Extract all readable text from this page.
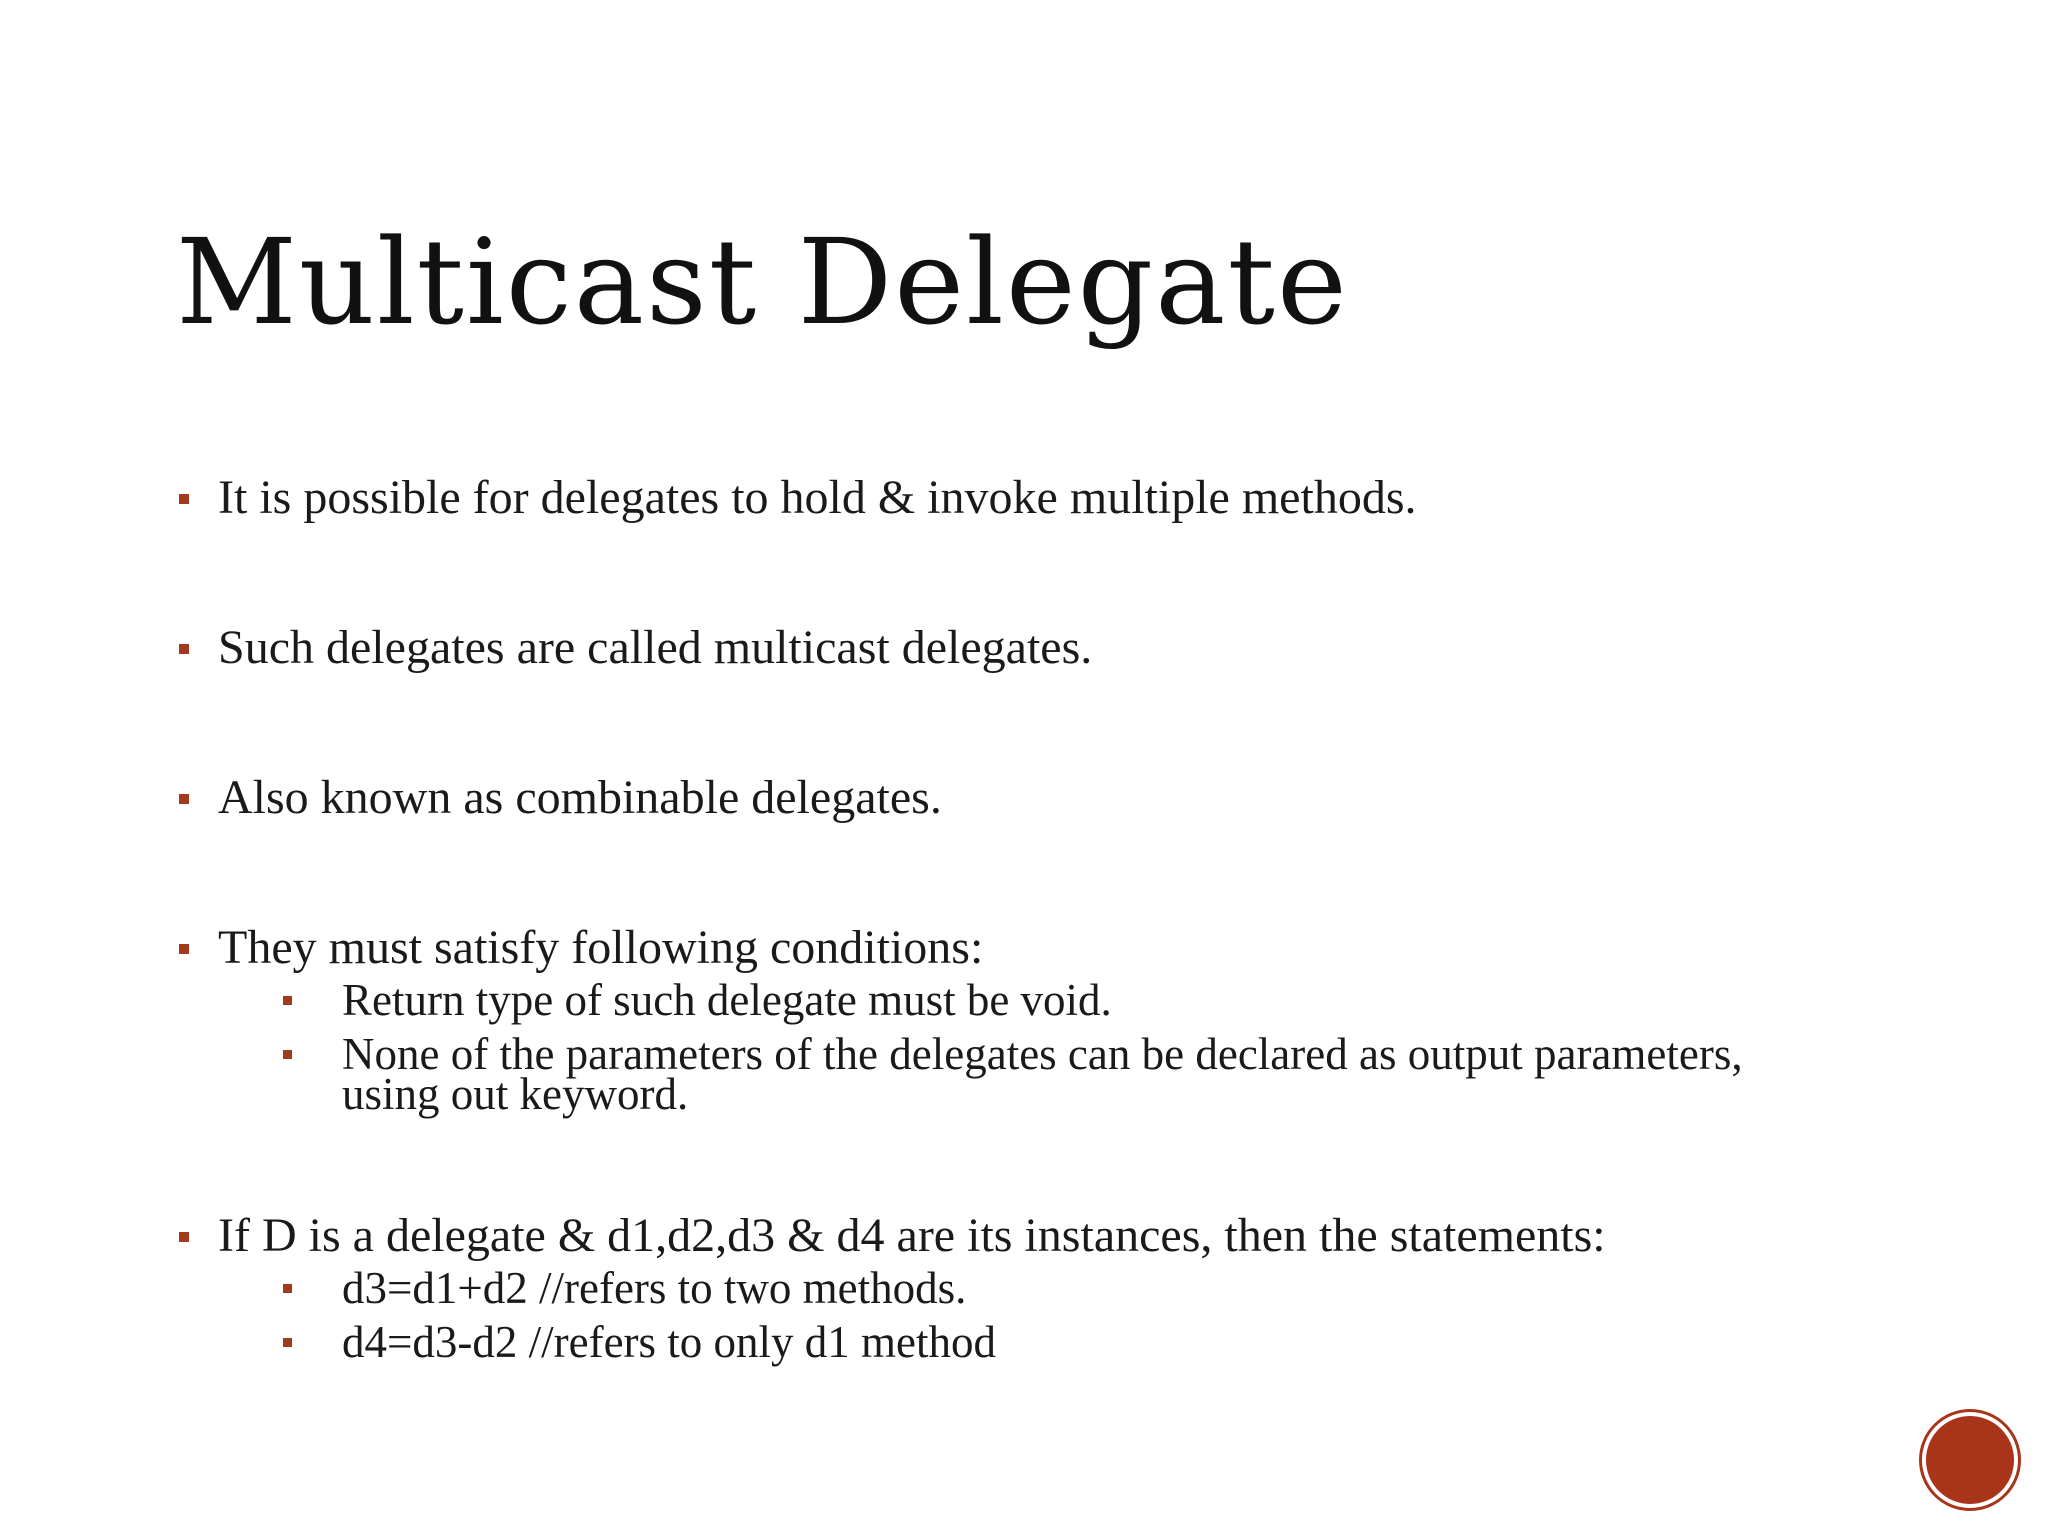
Multicast Delegate
It is possible for delegates to hold & invoke multiple methods.
Such delegates are called multicast delegates.
Also known as combinable delegates.
They must satisfy following conditions:
Return type of such delegate must be void.
None of the parameters of the delegates can be declared as output parameters, using out keyword.
If D is a delegate & d1,d2,d3 & d4 are its instances, then the statements:
d3=d1+d2 //refers to two methods.
d4=d3-d2 //refers to only d1 method
